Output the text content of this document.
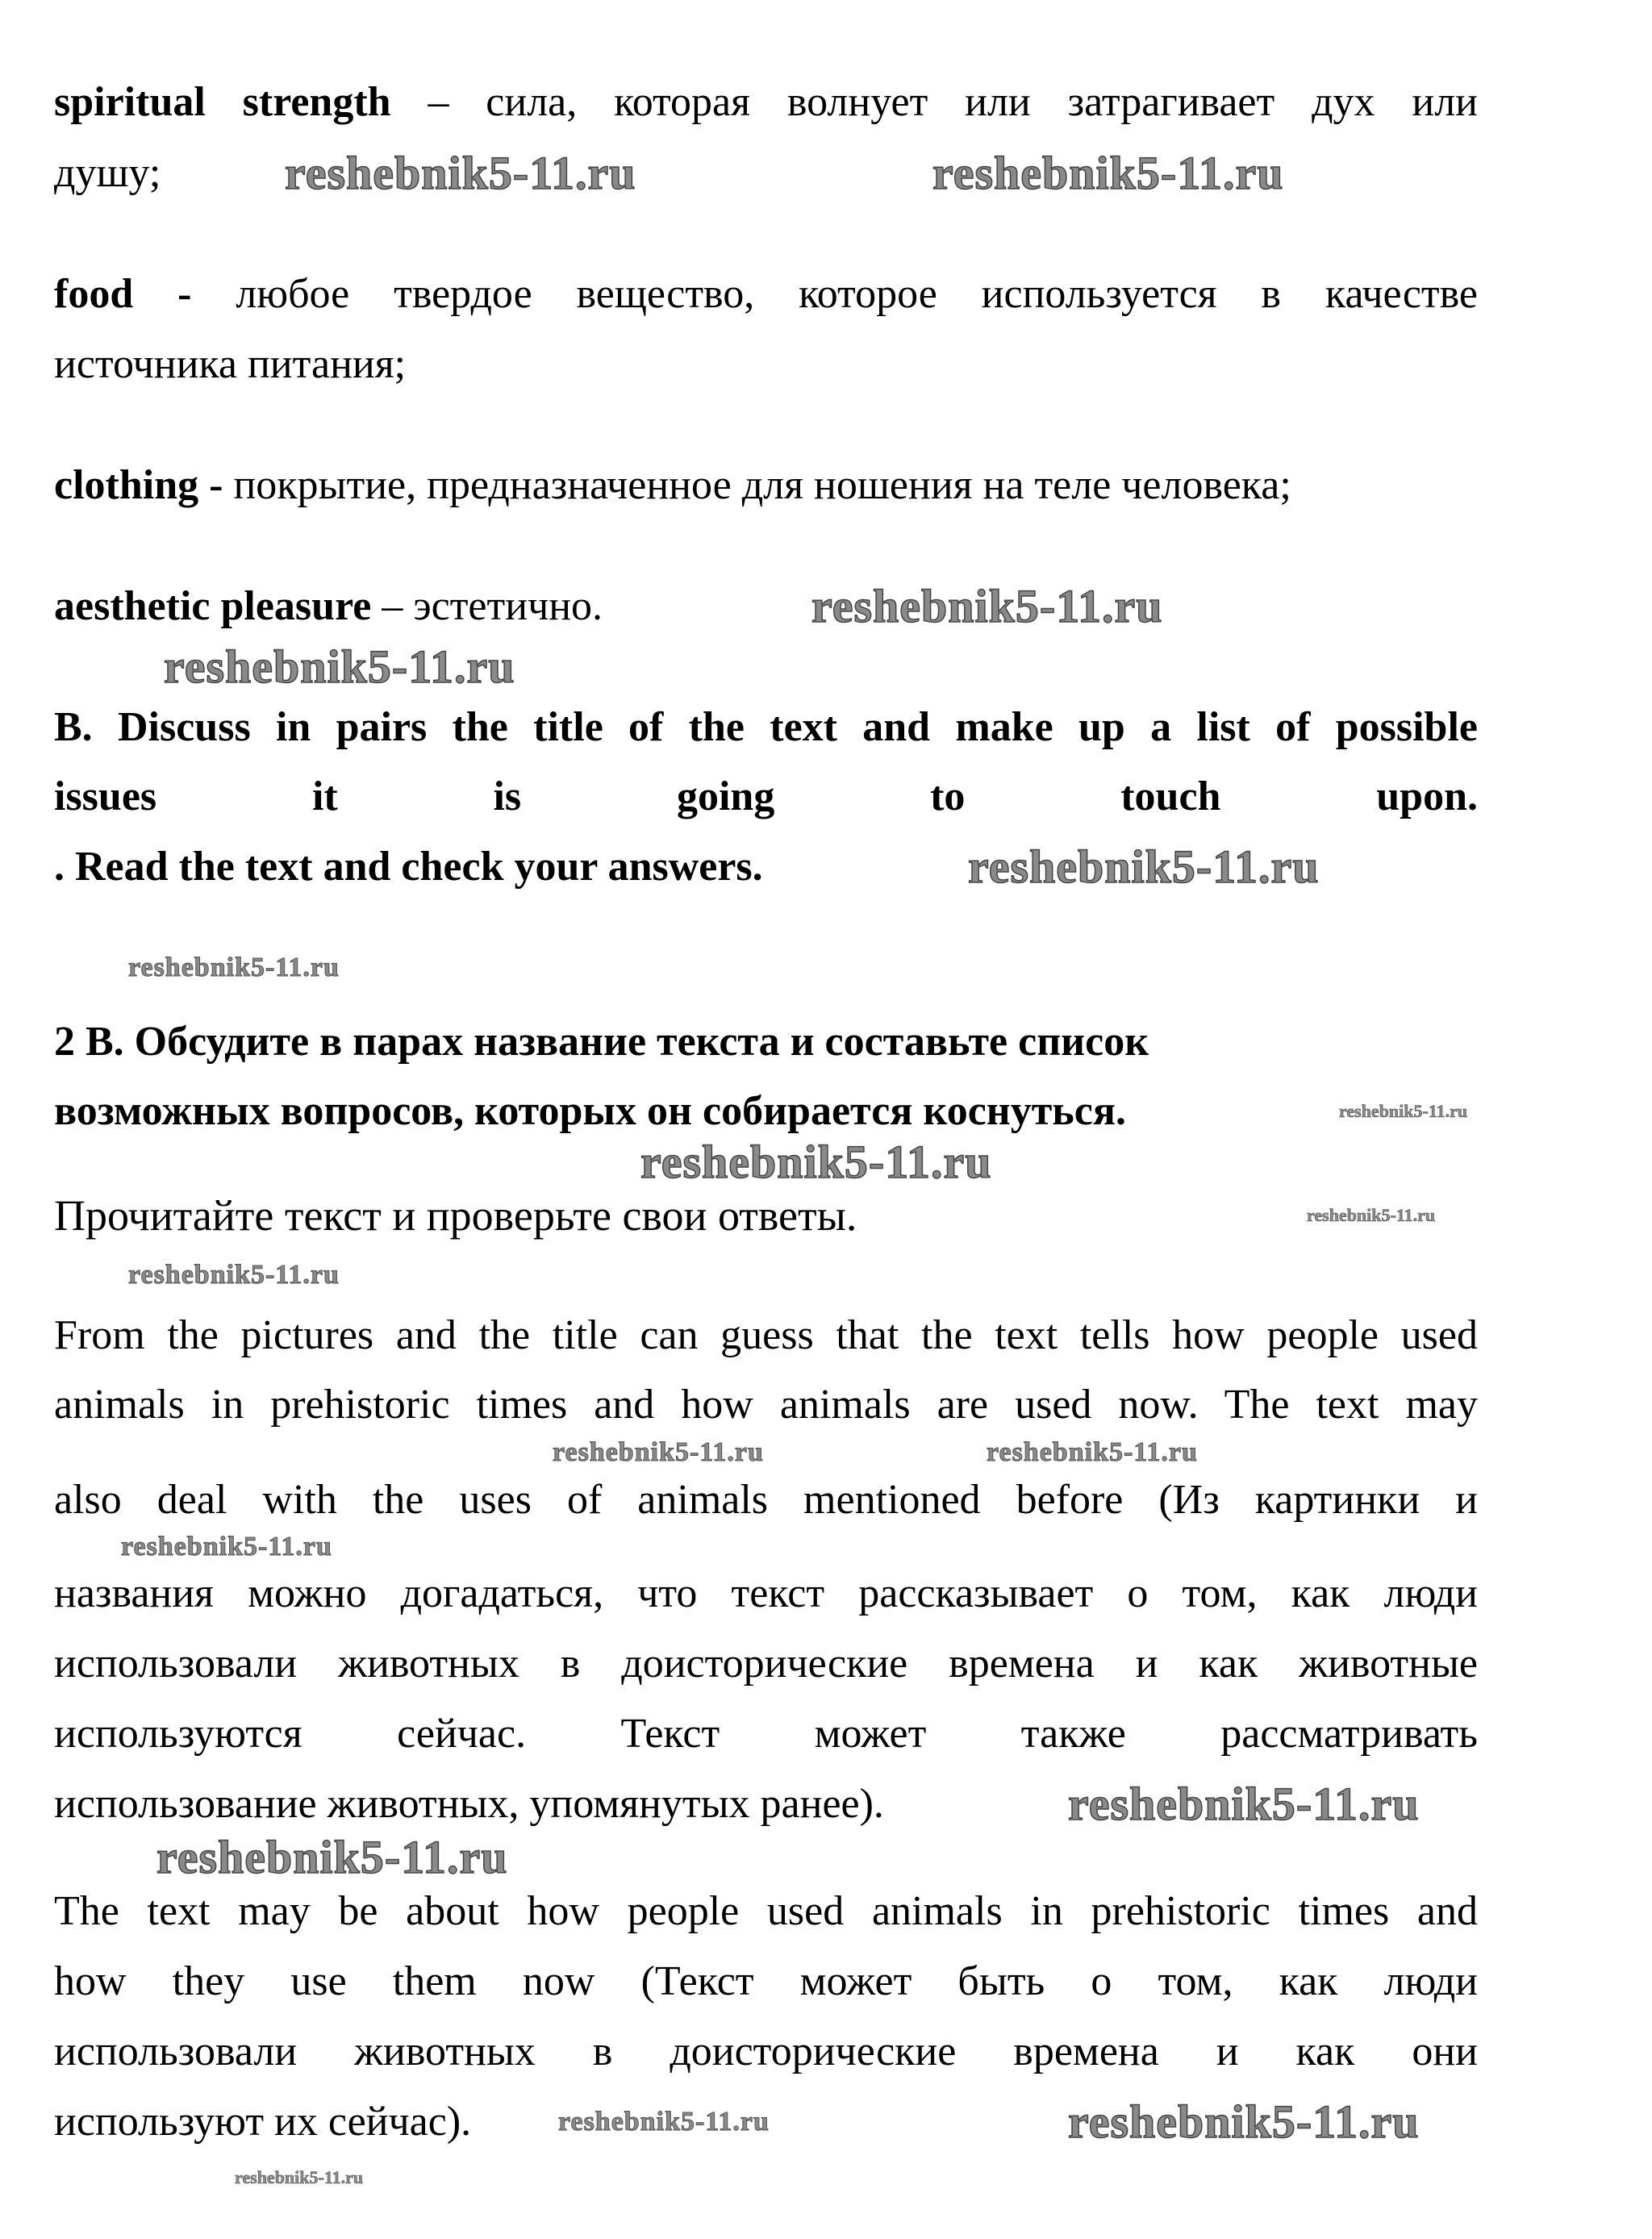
spiritual strength – сила, которая волнует или затрагивает дух или
душу;
food - любое твердое вещество, которое используется в качестве
источника питания;
clothing - покрытие, предназначенное для ношения на теле человека;
aesthetic pleasure – эстетично.
B. Discuss in pairs the title of the text and make up a list of possible
issues it is going to touch upon.
. Read the text and check your answers.
2 В. Обсудите в парах название текста и составьте список
возможных вопросов, которых он собирается коснуться.
Прочитайте текст и проверьте свои ответы.
From the pictures and the title can guess that the text tells how people used
animals in prehistoric times and how animals are used now. The text may
also deal with the uses of animals mentioned before (Из картинки и
названия можно догадаться, что текст рассказывает о том, как люди
использовали животных в доисторические времена и как животные
используются сейчас. Текст может также рассматривать
использование животных, упомянутых ранее).
The text may be about how people used animals in prehistoric times and
how they use them now (Текст может быть о том, как люди
использовали животных в доисторические времена и как они
используют их сейчас).
reshebnik5-11.ru	reshebnik5-11.ru
reshebnik5-11.ru
reshebnik5-11.ru
reshebnik5-11.ru
reshebnik5-11.ru
reshebnik5-11.ru
reshebnik5-11.ru
reshebnik5-11.ru
reshebnik5-11.ru
reshebnik5-11.ru	reshebnik5-11.ru
reshebnik5-11.ru
reshebnik5-11.ru
reshebnik5-11.ru
reshebnik5-11.ru
reshebnik5-11.ru
reshebnik5-11.ru
